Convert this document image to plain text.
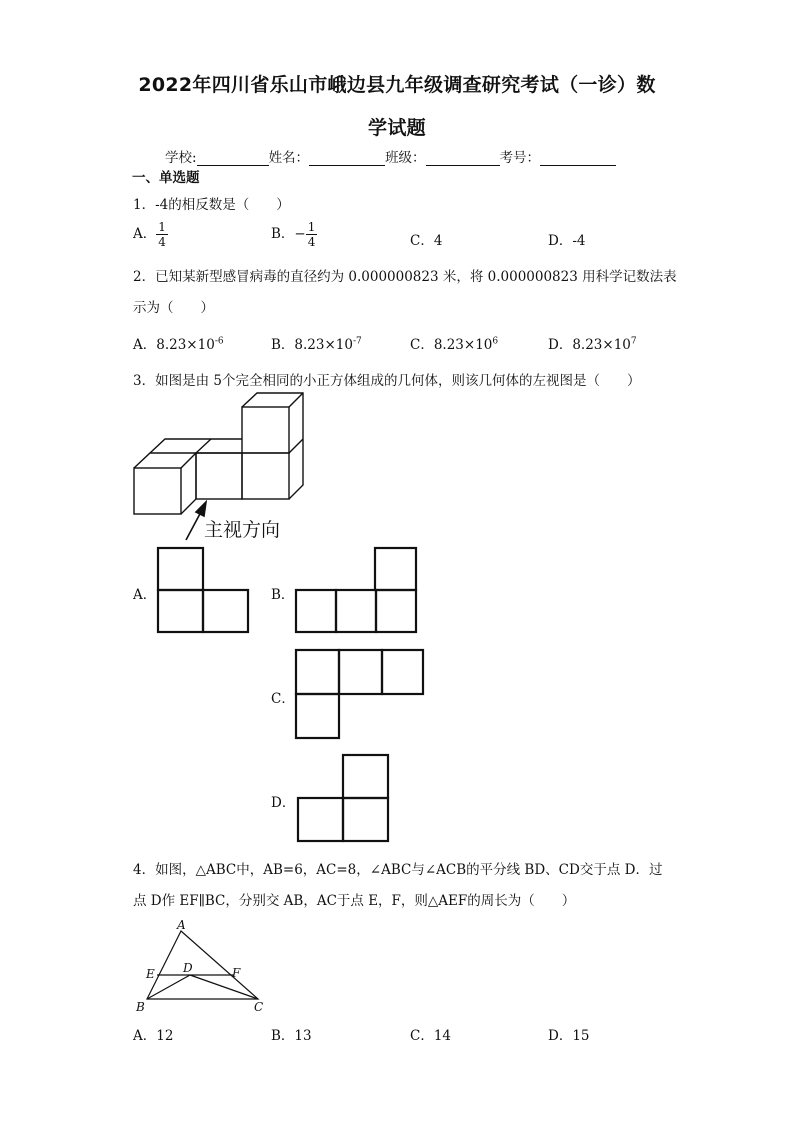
2022年四川省乐山市峨边县九年级调查研究考试（一诊）数
学试题
学校:	姓名：	班级：	考号：
一、单选题
1．-4的相反数是（　　）
A． $\frac{1}{4}$	B．− $\frac{1}{4}$	C．4	D．-4
2．已知某新型感冒病毒的直径约为 0.000000823 米，将 0.000000823 用科学记数法表
示为（　　）
A．$8.23\times 10^{-6}$	B．$8.23\times 10^{-7}$	C．$8.23\times 10^6$	D．$8.23\times 10^7$
3．如图是由 5个完全相同的小正方体组成的几何体，则该几何体的左视图是（　　）
主视方向
A
B	C
D
E	F
A．	B．
C．
D．
4．如图，△ABC中，AB=6，AC=8，∠ABC与∠ACB的平分线 BD、CD交于点 D．过
点 D作 EF∥BC，分别交 AB，AC于点 E，F，则△AEF的周长为（　　）
A．12	B．13	C．14	D．15
